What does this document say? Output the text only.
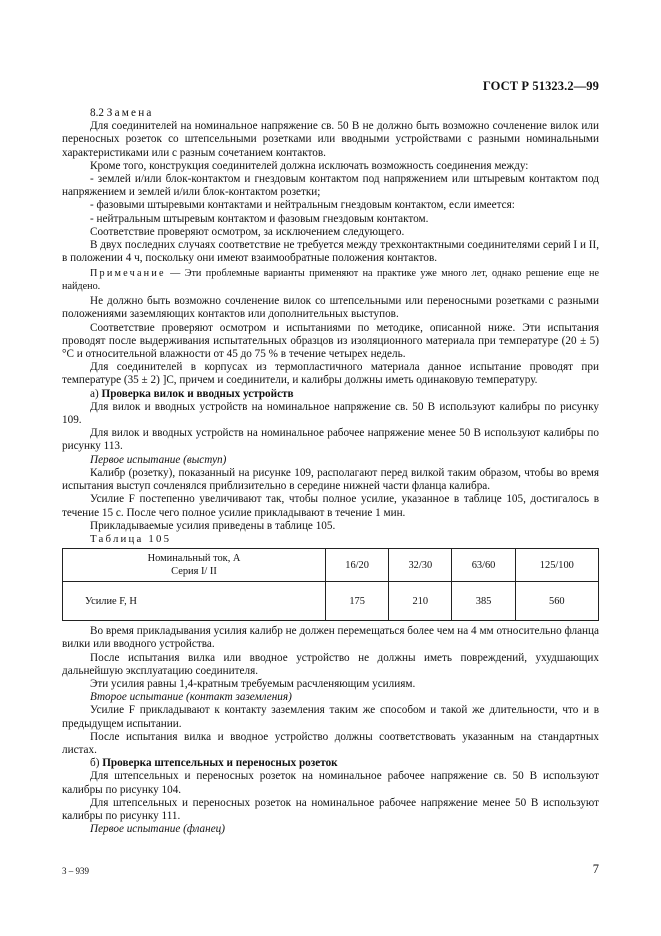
ГОСТ Р 51323.2—99

8.2 Замена

Для соединителей на номинальное напряжение св. 50 В не должно быть возможно сочленение вилок или переносных розеток со штепсельными розетками или вводными устройствами с разными номинальными характеристиками или с разным сочетанием контактов.

Кроме того, конструкция соединителей должна исключать возможность соединения между:

- землей и/или блок-контактом и гнездовым контактом под напряжением или штыревым контактом под напряжением и землей и/или блок-контактом розетки;

- фазовыми штыревыми контактами и нейтральным гнездовым контактом, если имеется:

- нейтральным штыревым контактом и фазовым гнездовым контактом.

Соответствие проверяют осмотром, за исключением следующего.

В двух последних случаях соответствие не требуется между трехконтактными соединителями серий I и II, в положении 4 ч, поскольку они имеют взаимообратные положения контактов.

Примечание — Эти проблемные варианты применяют на практике уже много лет, однако решение еще не найдено.

Не должно быть возможно сочленение вилок со штепсельными или переносными розетками с разными положениями заземляющих контактов или дополнительных выступов.

Соответствие проверяют осмотром и испытаниями по методике, описанной ниже. Эти испытания проводят после выдерживания испытательных образцов из изоляционного материала при температуре (20 ± 5) °С и относительной влажности от 45 до 75 % в течение четырех недель.

Для соединителей в корпусах из термопластичного материала данное испытание проводят при температуре (35 ± 2) ]С, причем и соединители, и калибры должны иметь одинаковую температуру.

а) Проверка вилок и вводных устройств

Для вилок и вводных устройств на номинальное напряжение св. 50 В используют калибры по рисунку 109.

Для вилок и вводных устройств на номинальное рабочее напряжение менее 50 В используют калибры по рисунку 113.

Первое испытание (выступ)

Калибр (розетку), показанный на рисунке 109, располагают перед вилкой таким образом, чтобы во время испытания выступ сочленялся приблизительно в середине нижней части фланца калибра.

Усилие F постепенно увеличивают так, чтобы полное усилие, указанное в таблице 105, достигалось в течение 15 с. После чего полное усилие прикладывают в течение 1 мин.

Прикладываемые усилия приведены в таблице 105.

Таблица 105

Номинальный ток, А
Серия I/ II	16/20	32/30	63/60	125/100
Усилие F, Н	175	210	385	560

Во время прикладывания усилия калибр не должен перемещаться более чем на 4 мм относительно фланца вилки или вводного устройства.

После испытания вилка или вводное устройство не должны иметь повреждений, ухудшающих дальнейшую эксплуатацию соединителя.

Эти усилия равны 1,4-кратным требуемым расчленяющим усилиям.

Второе испытание (контакт заземления)

Усилие F прикладывают к контакту заземления таким же способом и такой же длительности, что и в предыдущем испытании.

После испытания вилка и вводное устройство должны соответствовать указанным на стандартных листах.

б) Проверка штепсельных и переносных розеток

Для штепсельных и переносных розеток на номинальное рабочее напряжение св. 50 В используют калибры по рисунку 104.

Для штепсельных и переносных розеток на номинальное рабочее напряжение менее 50 В используют калибры по рисунку 111.

Первое испытание (фланец)

3 – 939	7
